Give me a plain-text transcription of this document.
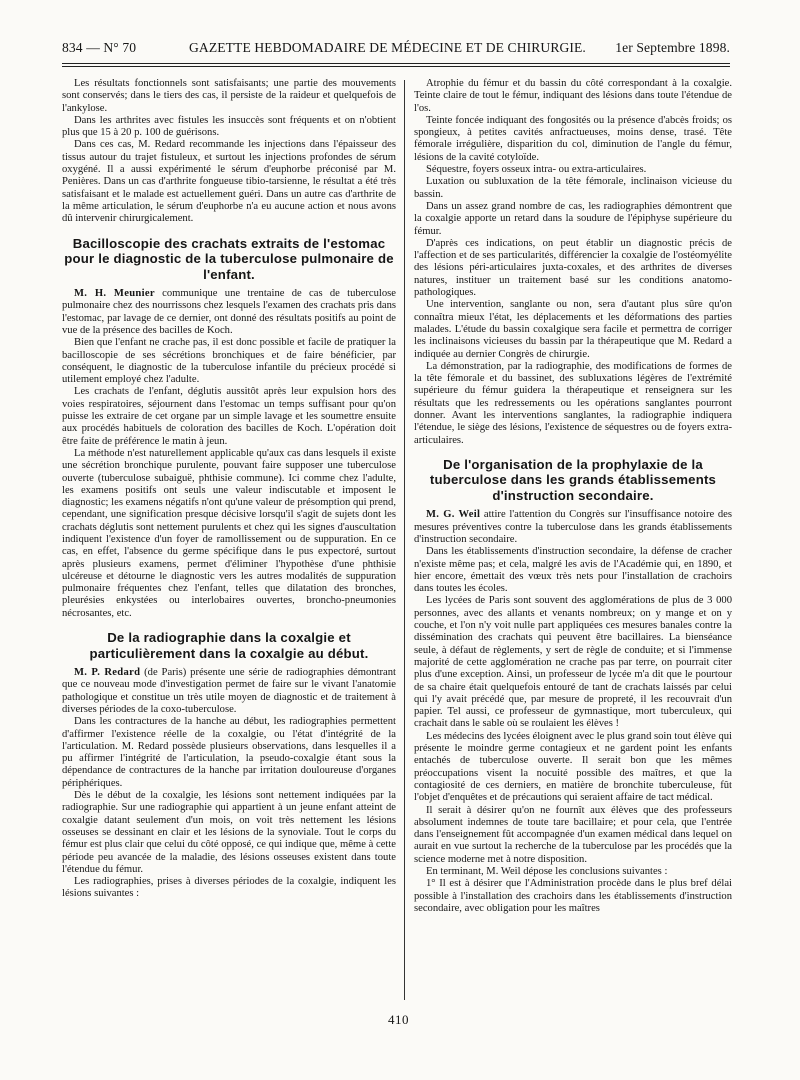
834 — N° 70	GAZETTE HEBDOMADAIRE DE MÉDECINE ET DE CHIRURGIE. 1er Septembre 1898.

Les résultats fonctionnels sont satisfaisants; une partie des mouvements sont conservés; dans le tiers des cas, il persiste de la raideur et quelquefois de l'ankylose.

Dans les arthrites avec fistules les insuccès sont fréquents et on n'obtient plus que 15 à 20 p. 100 de guérisons.

Dans ces cas, M. Redard recommande les injections dans l'épaisseur des tissus autour du trajet fistuleux, et surtout les injections profondes de sérum oxygéné. Il a aussi expérimenté le sérum d'euphorbe préconisé par M. Penières. Dans un cas d'arthrite fongueuse tibio-tarsienne, le résultat a été très satisfaisant et le malade est actuellement guéri. Dans un autre cas d'arthrite de la même articulation, le sérum d'euphorbe n'a eu aucune action et nous avons dû intervenir chirurgicalement.

Bacilloscopie des crachats extraits de l'estomac pour le diagnostic de la tuberculose pulmonaire de l'enfant.

M. H. Meunier communique une trentaine de cas de tuberculose pulmonaire chez des nourrissons chez lesquels l'examen des crachats pris dans l'estomac, par lavage de ce dernier, ont donné des résultats positifs au point de vue de la présence des bacilles de Koch.

Bien que l'enfant ne crache pas, il est donc possible et facile de pratiquer la bacilloscopie de ses sécrétions bronchiques et de faire bénéficier, par conséquent, le diagnostic de la tuberculose infantile du précieux procédé si utilement employé chez l'adulte.

Les crachats de l'enfant, déglutis aussitôt après leur expulsion hors des voies respiratoires, séjournent dans l'estomac un temps suffisant pour qu'on puisse les extraire de cet organe par un simple lavage et les soumettre ensuite aux procédés habituels de coloration des bacilles de Koch. L'opération doit être faite de préférence le matin à jeun.

La méthode n'est naturellement applicable qu'aux cas dans lesquels il existe une sécrétion bronchique purulente, pouvant faire supposer une tuberculose ouverte (tuberculose subaiguë, phthisie commune). Ici comme chez l'adulte, les examens positifs ont seuls une valeur indiscutable et imposent le diagnostic; les examens négatifs n'ont qu'une valeur de présomption qui prend, cependant, une signification presque décisive lorsqu'il s'agit de sujets dont les crachats déglutis sont nettement purulents et chez qui les signes d'auscultation indiquent l'existence d'un foyer de ramollissement ou de suppuration. En ce cas, en effet, l'absence du germe spécifique dans le pus expectoré, surtout après plusieurs examens, permet d'éliminer l'hypothèse d'une phthisie ulcéreuse et détourne le diagnostic vers les autres modalités de suppuration pulmonaire fréquentes chez l'enfant, telles que dilatation des bronches, pleurésies enkystées ou interlobaires ouvertes, broncho-pneumonies nécrosantes, etc.

De la radiographie dans la coxalgie et particulièrement dans la coxalgie au début.

M. P. Redard (de Paris) présente une série de radiographies démontrant que ce nouveau mode d'investigation permet de faire sur le vivant l'anatomie pathologique et constitue un très utile moyen de diagnostic et de traitement à diverses périodes de la coxo-tuberculose.

Dans les contractures de la hanche au début, les radiographies permettent d'affirmer l'existence réelle de la coxalgie, ou l'état d'intégrité de la l'articulation. M. Redard possède plusieurs observations, dans lesquelles il a pu affirmer l'intégrité de l'articulation, la pseudo-coxalgie étant sous la dépendance de contractures de la hanche par irritation douloureuse d'organes périphériques.

Dès le début de la coxalgie, les lésions sont nettement indiquées par la radiographie. Sur une radiographie qui appartient à un jeune enfant atteint de coxalgie datant seulement d'un mois, on voit très nettement les lésions osseuses se dessinant en clair et les lésions de la synoviale. Tout le corps du fémur est plus clair que celui du côté opposé, ce qui indique que, même à cette période peu avancée de la maladie, des lésions osseuses existent dans toute l'étendue du fémur.

Les radiographies, prises à diverses périodes de la coxalgie, indiquent les lésions suivantes :

Atrophie du fémur et du bassin du côté correspondant à la coxalgie. Teinte claire de tout le fémur, indiquant des lésions dans toute l'étendue de l'os.

Teinte foncée indiquant des fongosités ou la présence d'abcès froids; os spongieux, à petites cavités anfractueuses, moins dense, trasé. Tête fémorale irrégulière, disparition du col, diminution de l'angle du fémur, lésions de la cavité cotyloïde.

Séquestre, foyers osseux intra- ou extra-articulaires.

Luxation ou subluxation de la tête fémorale, inclinaison vicieuse du bassin.

Dans un assez grand nombre de cas, les radiographies démontrent que la coxalgie apporte un retard dans la soudure de l'épiphyse supérieure du fémur.

D'après ces indications, on peut établir un diagnostic précis de l'affection et de ses particularités, différencier la coxalgie de l'ostéomyélite des lésions péri-articulaires juxta-coxales, et des arthrites de diverses natures, instituer un traitement basé sur les conditions anatomo-pathologiques.

Une intervention, sanglante ou non, sera d'autant plus sûre qu'on connaîtra mieux l'état, les déplacements et les déformations des parties malades. L'étude du bassin coxalgique sera facile et permettra de corriger les inclinaisons vicieuses du bassin par la thérapeutique que M. Redard a indiquée au dernier Congrès de chirurgie.

La démonstration, par la radiographie, des modifications de formes de la tête fémorale et du bassinet, des subluxations légères de l'extrémité supérieure du fémur guidera la thérapeutique et renseignera sur les résultats que les redressements ou les opérations sanglantes pourront donner. Avant les interventions sanglantes, la radiographie indiquera l'étendue, le siège des lésions, l'existence de séquestres ou de foyers extra-articulaires.

De l'organisation de la prophylaxie de la tuberculose dans les grands établissements d'instruction secondaire.

M. G. Weil attire l'attention du Congrès sur l'insuffisance notoire des mesures préventives contre la tuberculose dans les grands établissements d'instruction secondaire.

Dans les établissements d'instruction secondaire, la défense de cracher n'existe même pas; et cela, malgré les avis de l'Académie qui, en 1890, et hier encore, émettait des vœux très nets pour l'installation de crachoirs dans toutes les écoles.

Les lycées de Paris sont souvent des agglomérations de plus de 3 000 personnes, avec des allants et venants nombreux; on y mange et on y couche, et l'on n'y voit nulle part appliquées ces mesures banales contre la dissémination des crachats qui peuvent être bacillaires. La bienséance seule, à défaut de règlements, y sert de règle de conduite; et si l'immense majorité de cette agglomération ne crache pas par terre, on pourrait citer plus d'une exception. Ainsi, un professeur de lycée m'a dit que le pourtour de sa chaire était quelquefois entouré de tant de crachats laissés par celui qui l'y avait précédé que, par mesure de propreté, il les recouvrait d'un papier. Tel aussi, ce professeur de gymnastique, mort tuberculeux, qui crachait dans le sable où se roulaient les élèves !

Les médecins des lycées éloignent avec le plus grand soin tout élève qui présente le moindre germe contagieux et ne gardent point les enfants entachés de tuberculose ouverte. Il serait bon que les mêmes préoccupations visent la nocuité possible des maîtres, et que la contagiosité de ces derniers, en matière de bronchite tuberculeuse, fût l'objet d'enquêtes et de précautions qui seraient affaire de tact médical.

Il serait à désirer qu'on ne fournît aux élèves que des professeurs absolument indemnes de toute tare bacillaire; et pour cela, que l'entrée dans l'enseignement fût accompagnée d'un examen médical dans lequel on aurait en vue surtout la recherche de la tuberculose par les procédés que la science moderne met à notre disposition.

En terminant, M. Weil dépose les conclusions suivantes :

1° Il est à désirer que l'Administration procède dans le plus bref délai possible à l'installation des crachoirs dans les établissements d'instruction secondaire, avec obligation pour les maîtres

410
